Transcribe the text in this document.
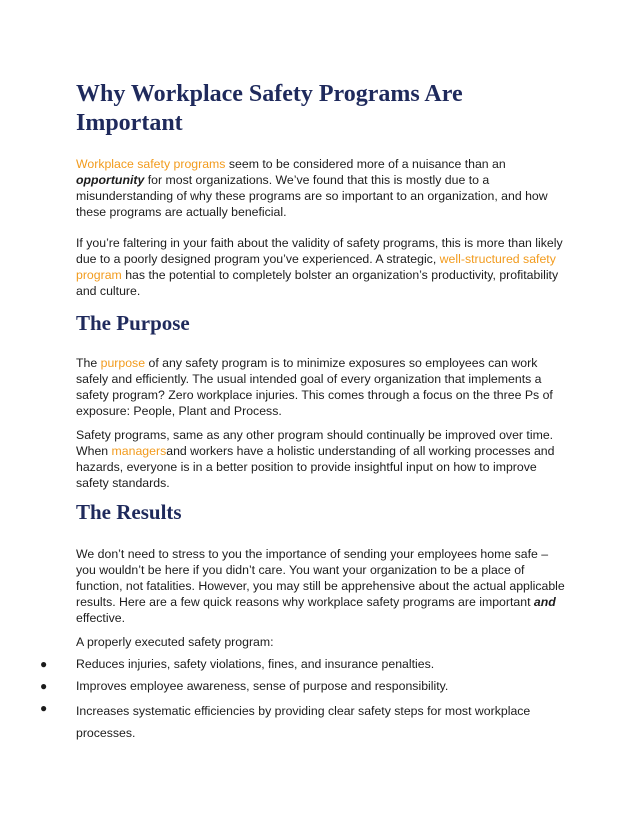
Why Workplace Safety Programs Are Important

Workplace safety programs seem to be considered more of a nuisance than an opportunity for most organizations. We’ve found that this is mostly due to a misunderstanding of why these programs are so important to an organization, and how these programs are actually beneficial.

If you’re faltering in your faith about the validity of safety programs, this is more than likely due to a poorly designed program you’ve experienced. A strategic, well-structured safety program has the potential to completely bolster an organization’s productivity, profitability and culture.

The Purpose

The purpose of any safety program is to minimize exposures so employees can work safely and efficiently. The usual intended goal of every organization that implements a safety program? Zero workplace injuries. This comes through a focus on the three Ps of exposure: People, Plant and Process.

Safety programs, same as any other program should continually be improved over time. When managersand workers have a holistic understanding of all working processes and hazards, everyone is in a better position to provide insightful input on how to improve safety standards.

The Results

We don’t need to stress to you the importance of sending your employees home safe – you wouldn’t be here if you didn’t care. You want your organization to be a place of function, not fatalities. However, you may still be apprehensive about the actual applicable results. Here are a few quick reasons why workplace safety programs are important and effective.

A properly executed safety program:

● Reduces injuries, safety violations, fines, and insurance penalties.
● Improves employee awareness, sense of purpose and responsibility.
● Increases systematic efficiencies by providing clear safety steps for most workplace processes.
